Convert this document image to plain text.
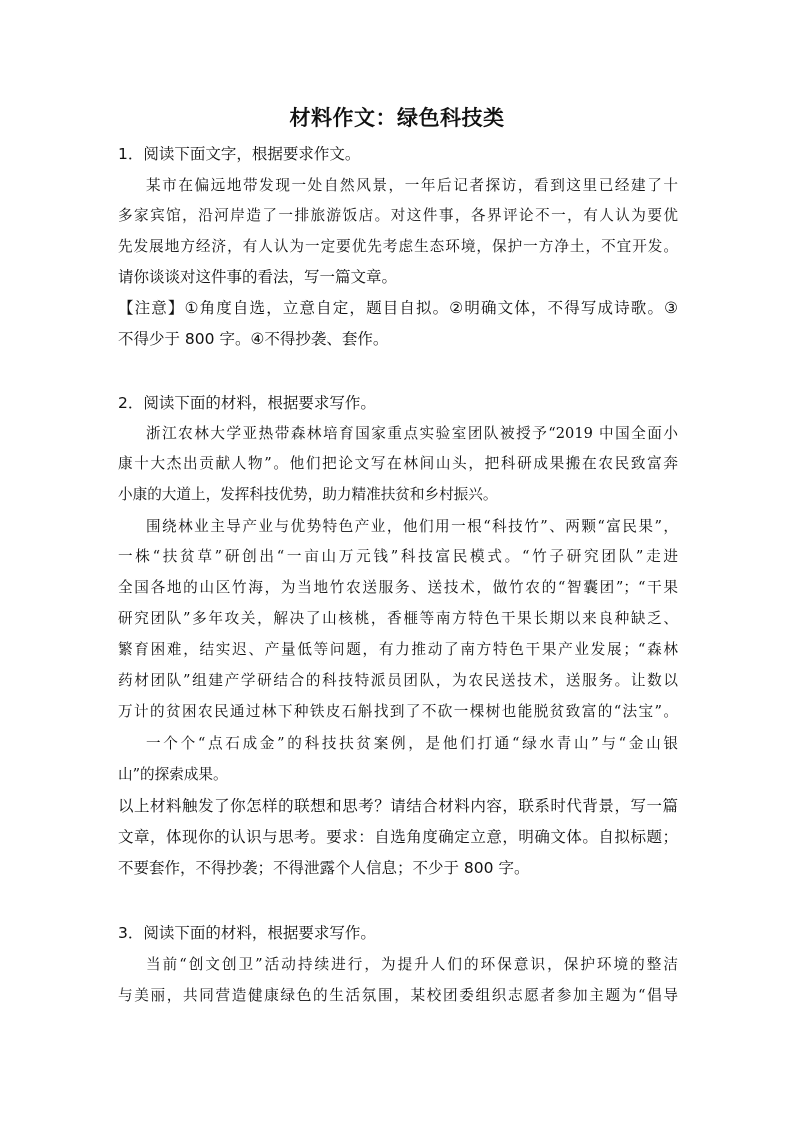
材料作文：绿色科技类
1．阅读下面文字，根据要求作文。
某市在偏远地带发现一处自然风景，一年后记者探访，看到这里已经建了十
多家宾馆，沿河岸造了一排旅游饭店。对这件事，各界评论不一，有人认为要优
先发展地方经济，有人认为一定要优先考虑生态环境，保护一方净土，不宜开发。
请你谈谈对这件事的看法，写一篇文章。
【注意】①角度自选，立意自定，题目自拟。②明确文体，不得写成诗歌。③
不得少于 800 字。④不得抄袭、套作。
2．阅读下面的材料，根据要求写作。
浙江农林大学亚热带森林培育国家重点实验室团队被授予“2019 中国全面小
康十大杰出贡献人物”。他们把论文写在林间山头，把科研成果搬在农民致富奔
小康的大道上，发挥科技优势，助力精准扶贫和乡村振兴。
围绕林业主导产业与优势特色产业，他们用一根“科技竹”、两颗“富民果”，
一株“扶贫草”研创出“一亩山万元钱”科技富民模式。“竹子研究团队”走进
全国各地的山区竹海，为当地竹农送服务、送技术，做竹农的“智囊团”；“干果
研究团队”多年攻关，解决了山核桃，香榧等南方特色干果长期以来良种缺乏、
繁育困难，结实迟、产量低等问题，有力推动了南方特色干果产业发展；“森林
药材团队”组建产学研结合的科技特派员团队，为农民送技术，送服务。让数以
万计的贫困农民通过林下种铁皮石斛找到了不砍一棵树也能脱贫致富的“法宝”。
一个个“点石成金”的科技扶贫案例，是他们打通“绿水青山”与“金山银
山”的探索成果。
以上材料触发了你怎样的联想和思考？请结合材料内容，联系时代背景，写一篇
文章，体现你的认识与思考。要求：自选角度确定立意，明确文体。自拟标题；
不要套作，不得抄袭；不得泄露个人信息；不少于 800 字。
3．阅读下面的材料，根据要求写作。
当前“创文创卫”活动持续进行，为提升人们的环保意识，保护环境的整洁
与美丽，共同营造健康绿色的生活氛围，某校团委组织志愿者参加主题为“倡导
